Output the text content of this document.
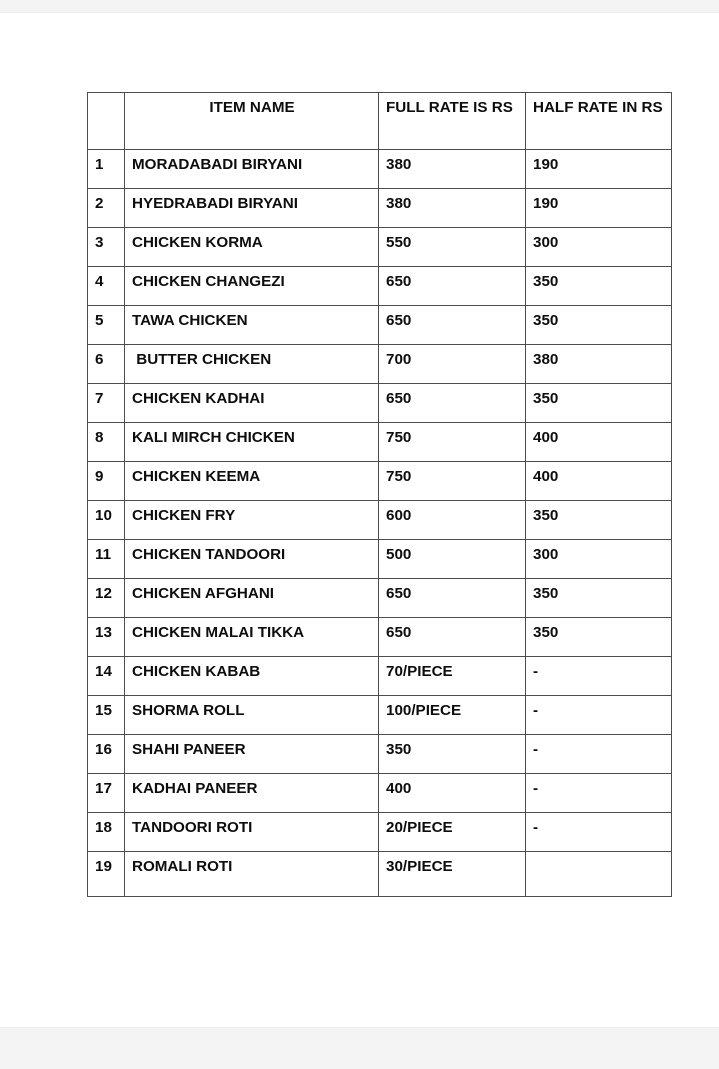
	ITEM NAME	FULL RATE IS RS	HALF RATE IN RS
1	MORADABADI BIRYANI	380	190
2	HYEDRABADI BIRYANI	380	190
3	CHICKEN KORMA	550	300
4	CHICKEN CHANGEZI	650	350
5	TAWA CHICKEN	650	350
6	BUTTER CHICKEN	700	380
7	CHICKEN KADHAI	650	350
8	KALI MIRCH CHICKEN	750	400
9	CHICKEN KEEMA	750	400
10	CHICKEN FRY	600	350
11	CHICKEN TANDOORI	500	300
12	CHICKEN AFGHANI	650	350
13	CHICKEN MALAI TIKKA	650	350
14	CHICKEN KABAB	70/PIECE	-
15	SHORMA ROLL	100/PIECE	-
16	SHAHI PANEER	350	-
17	KADHAI PANEER	400	-
18	TANDOORI ROTI	20/PIECE	-
19	ROMALI ROTI	30/PIECE	
